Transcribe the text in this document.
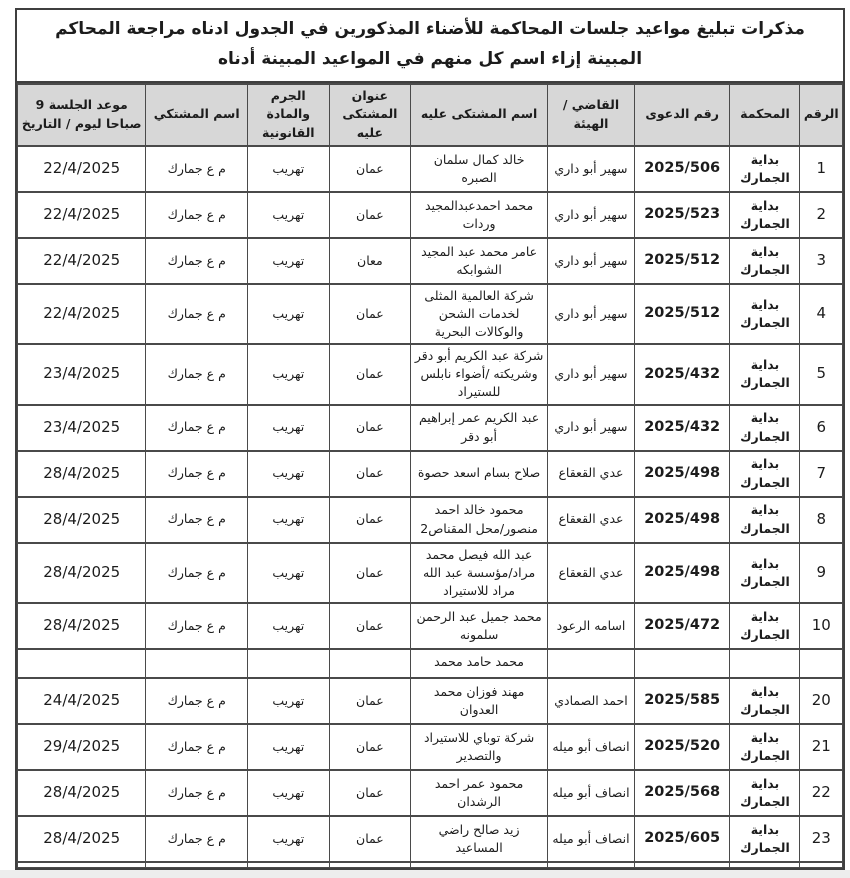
مذكرات تبليغ مواعيد جلسات المحاكمة للأضناء المذكورين في الجدول ادناه مراجعة المحاكم المبينة إزاء اسم كل منهم في المواعيد المبينة أدناه
الرقم	المحكمة	رقم الدعوى	القاضي / الهيئة	اسم المشتكى عليه	عنوان المشتكى عليه	الجرم والمادة القانونية	اسم المشتكي	موعد الجلسة 9 صباحا ليوم / التاريخ
1	بداية الجمارك	2025/506	سهير أبو داري	خالد كمال سلمان الصبره	عمان	تهريب	م ع جمارك	22/4/2025
2	بداية الجمارك	2025/523	سهير أبو داري	محمد احمدعبدالمجيد وردات	عمان	تهريب	م ع جمارك	22/4/2025
3	بداية الجمارك	2025/512	سهير أبو داري	عامر محمد عبد المجيد الشوابكه	معان	تهريب	م ع جمارك	22/4/2025
4	بداية الجمارك	2025/512	سهير أبو داري	شركة العالمية المثلى لخدمات الشحن والوكالات البحرية	عمان	تهريب	م ع جمارك	22/4/2025
5	بداية الجمارك	2025/432	سهير أبو داري	شركة عبد الكريم أبو دقر وشريكته /أضواء نابلس للستيراد	عمان	تهريب	م ع جمارك	23/4/2025
6	بداية الجمارك	2025/432	سهير أبو داري	عبد الكريم عمر إبراهيم أبو دقر	عمان	تهريب	م ع جمارك	23/4/2025
7	بداية الجمارك	2025/498	عدي القعقاع	صلاح بسام اسعد حصوة	عمان	تهريب	م ع جمارك	28/4/2025
8	بداية الجمارك	2025/498	عدي القعقاع	محمود خالد احمد منصور/محل المقناص2	عمان	تهريب	م ع جمارك	28/4/2025
9	بداية الجمارك	2025/498	عدي القعقاع	عبد الله فيصل محمد مراد/مؤسسة عبد الله مراد للاستيراد	عمان	تهريب	م ع جمارك	28/4/2025
10	بداية الجمارك	2025/472	اسامه الرعود	محمد جميل عبد الرحمن سلمونه	عمان	تهريب	م ع جمارك	28/4/2025
				محمد حامد محمد				
20	بداية الجمارك	2025/585	احمد الصمادي	مهند فوزان محمد العدوان	عمان	تهريب	م ع جمارك	24/4/2025
21	بداية الجمارك	2025/520	انصاف أبو ميله	شركة توباي للاستيراد والتصدير	عمان	تهريب	م ع جمارك	29/4/2025
22	بداية الجمارك	2025/568	انصاف أبو ميله	محمود عمر احمد الرشدان	عمان	تهريب	م ع جمارك	28/4/2025
23	بداية الجمارك	2025/605	انصاف أبو ميله	زيد صالح راضي المساعيد	عمان	تهريب	م ع جمارك	28/4/2025
